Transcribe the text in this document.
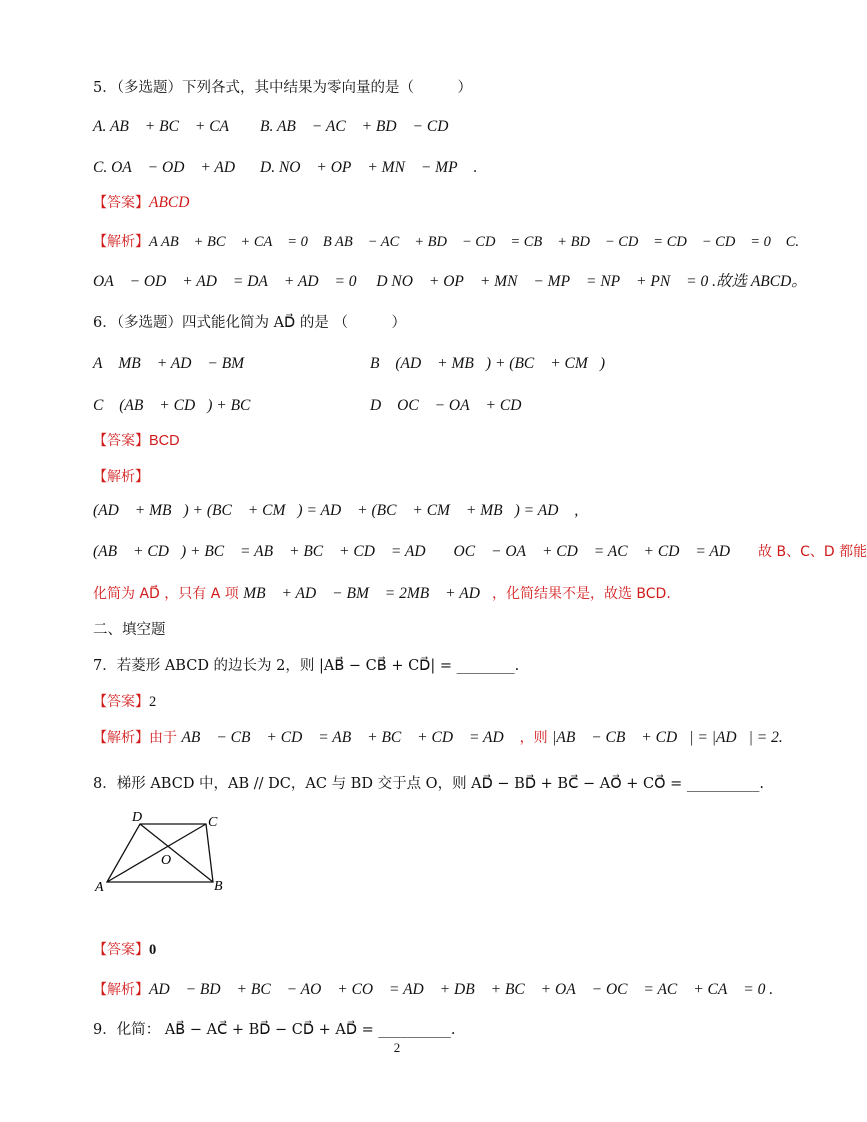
5．（多选题）下列各式，其中结果为零向量的是（　　　）
A. AB⃗ + BC⃗ + CA⃗ ； B. AB⃗ − AC⃗ + BD⃗ − CD⃗ ；
C. OA⃗ − OD⃗ + AD⃗ ；
D. NO⃗ + OP⃗ + MN⃗ − MP⃗ .
【答案】ABCD
【解析】A AB⃗ + BC⃗ + CA⃗ = 0 ；B AB⃗ − AC⃗ + BD⃗ − CD⃗ = CB⃗ + BD⃗ − CD⃗ = CD⃗ − CD⃗ = 0 ；C.
OA⃗ − OD⃗ + AD⃗ = DA⃗ + AD⃗ = 0 ； D NO⃗ + OP⃗ + MN⃗ − MP⃗ = NP⃗ + PN⃗ = 0 .故选 ABCD。
6．（多选题）四式能化简为 AD⃗ 的是 （　　　）
A． MB⃗ + AD⃗ − BM⃗	B． (AD⃗ + MB⃗) + (BC⃗ + CM⃗)
C． (AB⃗ + CD⃗) + BC⃗	D． OC⃗ − OA⃗ + CD⃗
【答案】BCD
【解析】
(AD⃗ + MB⃗) + (BC⃗ + CM⃗) = AD⃗ + (BC⃗ + CM⃗ + MB⃗) = AD⃗ ,
(AB⃗ + CD⃗) + BC⃗ = AB⃗ + BC⃗ + CD⃗ = AD⃗ ，OC⃗ − OA⃗ + CD⃗ = AC⃗ + CD⃗ = AD⃗ ，故 B、C、D 都能
化简为 AD⃗ ，只有 A 项 MB⃗ + AD⃗ − BM⃗ = 2MB⃗ + AD⃗，化简结果不是，故选 BCD.
二、填空题
7．若菱形 ABCD 的边长为 2，则 |AB⃗ − CB⃗ + CD⃗| = ________.
【答案】2
【解析】由于 AB⃗ − CB⃗ + CD⃗ = AB⃗ + BC⃗ + CD⃗ = AD⃗ ，则 |AB⃗ − CB⃗ + CD⃗| = |AD⃗| = 2.
8．梯形 ABCD 中，AB // DC，AC 与 BD 交于点 O，则 AD⃗ − BD⃗ + BC⃗ − AO⃗ + CO⃗ = __________.
A	B
C
D
O
【答案】0
【解析】AD⃗ − BD⃗ + BC⃗ − AO⃗ + CO⃗ = AD⃗ + DB⃗ + BC⃗ + OA⃗ − OC⃗ = AC⃗ + CA⃗ = 0 .
9．化简： AB⃗ − AC⃗ + BD⃗ − CD⃗ + AD⃗ = __________.
2
